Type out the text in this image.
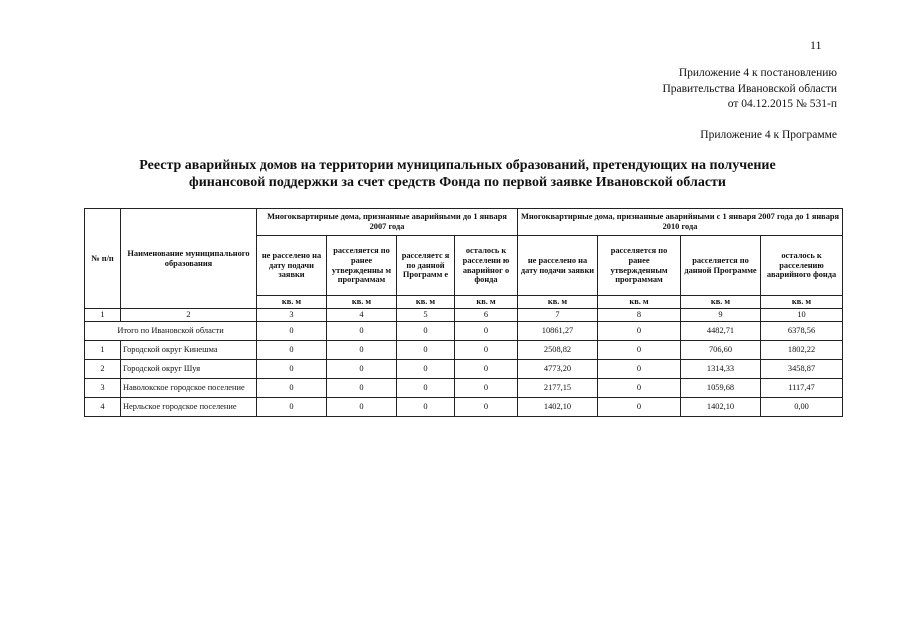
11
Приложение 4 к постановлению
Правительства Ивановской области
от 04.12.2015 № 531-п
Приложение 4 к Программе
Реестр аварийных домов на территории муниципальных образований, претендующих на получение
финансовой поддержки за счет средств Фонда по первой заявке Ивановской области
№ п/п	Наименование муниципального образования	Многоквартирные дома, признанные аварийными до 1 января 2007 года				Многоквартирные дома, признанные аварийными с 1 января 2007 года до 1 января 2010 года			
		не расселено на дату подачи заявки	расселяется по ранее утвержденны м программам	расселяетс я по данной Программ е	осталось к расселени ю аварийног о фонда	не расселено на дату подачи заявки	расселяется по ранее утвержденным программам	расселяется по данной Программе	осталось к расселению аварийного фонда
		кв. м	кв. м	кв. м	кв. м	кв. м	кв. м	кв. м	кв. м
1	2	3	4	5	6	7	8	9	10
Итого по Ивановской области		0	0	0	0	10861,27	0	4482,71	6378,56
1	Городской округ Кинешма	0	0	0	0	2508,82	0	706,60	1802,22
2	Городской округ Шуя	0	0	0	0	4773,20	0	1314,33	3458,87
3	Наволокское городское поселение	0	0	0	0	2177,15	0	1059,68	1117,47
4	Нерльское городское поселение	0	0	0	0	1402,10	0	1402,10	0,00
